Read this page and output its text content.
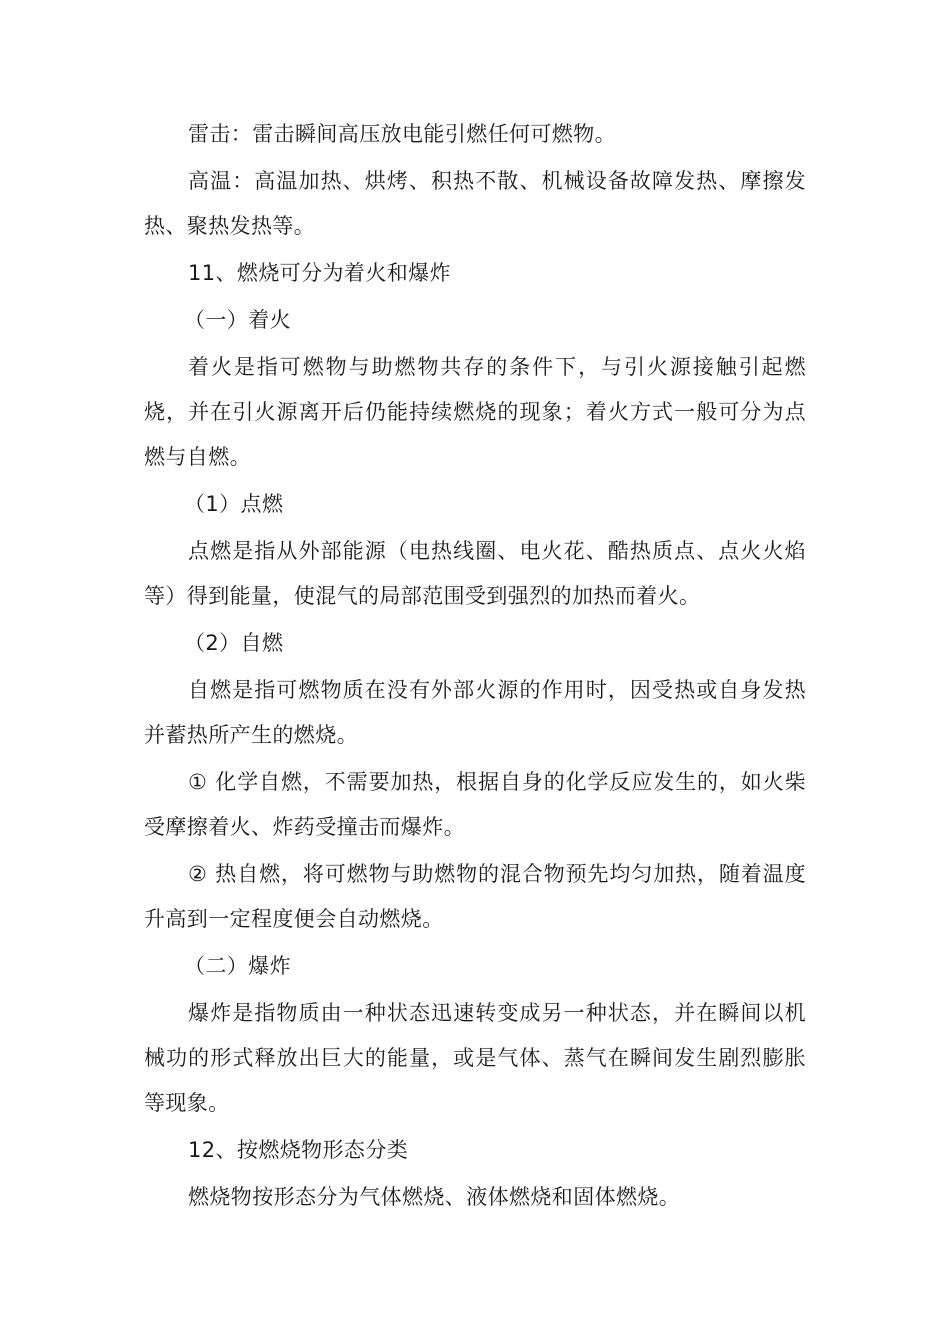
雷击：雷击瞬间高压放电能引燃任何可燃物。

高温：高温加热、烘烤、积热不散、机械设备故障发热、摩擦发热、聚热发热等。

11、燃烧可分为着火和爆炸

（一）着火

着火是指可燃物与助燃物共存的条件下，与引火源接触引起燃烧，并在引火源离开后仍能持续燃烧的现象；着火方式一般可分为点燃与自燃。

（1）点燃

点燃是指从外部能源（电热线圈、电火花、酷热质点、点火火焰等）得到能量，使混气的局部范围受到强烈的加热而着火。

（2）自燃

自燃是指可燃物质在没有外部火源的作用时，因受热或自身发热并蓄热所产生的燃烧。

① 化学自燃，不需要加热，根据自身的化学反应发生的，如火柴受摩擦着火、炸药受撞击而爆炸。

② 热自燃，将可燃物与助燃物的混合物预先均匀加热，随着温度升高到一定程度便会自动燃烧。

（二）爆炸

爆炸是指物质由一种状态迅速转变成另一种状态，并在瞬间以机械功的形式释放出巨大的能量，或是气体、蒸气在瞬间发生剧烈膨胀等现象。

12、按燃烧物形态分类

燃烧物按形态分为气体燃烧、液体燃烧和固体燃烧。
